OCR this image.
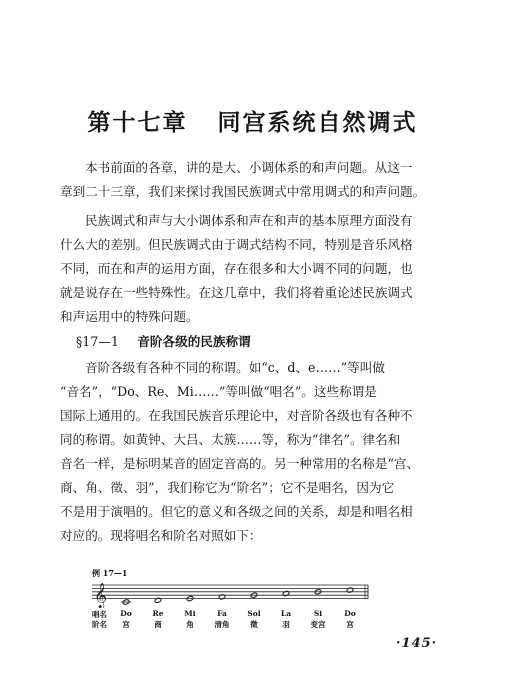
第十七章   同宫系统自然调式
本书前面的各章，讲的是大、小调体系的和声问题。从这一
章到二十三章，我们来探讨我国民族调式中常用调式的和声问题。
民族调式和声与大小调体系和声在和声的基本原理方面没有
什么大的差别。但民族调式由于调式结构不同，特别是音乐风格
不同，而在和声的运用方面，存在很多和大小调不同的问题，也
就是说存在一些特殊性。在这几章中，我们将着重论述民族调式
和声运用中的特殊问题。
§17—1 音阶各级的民族称谓
音阶各级有各种不同的称谓。如“c、d、e……”等叫做
“音名”，“Do、Re、Mi……”等叫做“唱名”。这些称谓是
国际上通用的。在我国民族音乐理论中，对音阶各级也有各种不
同的称谓。如黄钟、大吕、太簇……等，称为“律名”。律名和
音名一样，是标明某音的固定音高的。另一种常用的名称是“宫、
商、角、徵、羽”，我们称它为“阶名”；它不是唱名，因为它
不是用于演唱的。但它的意义和各级之间的关系，却是和唱名相
对应的。现将唱名和阶名对照如下：
例 17—1
𝄞
唱名
阶名
Do	Re	Mi	Fa	Sol	La	Si	Do
宫	商	角	清角	徵	羽	变宫	宫
·145·
